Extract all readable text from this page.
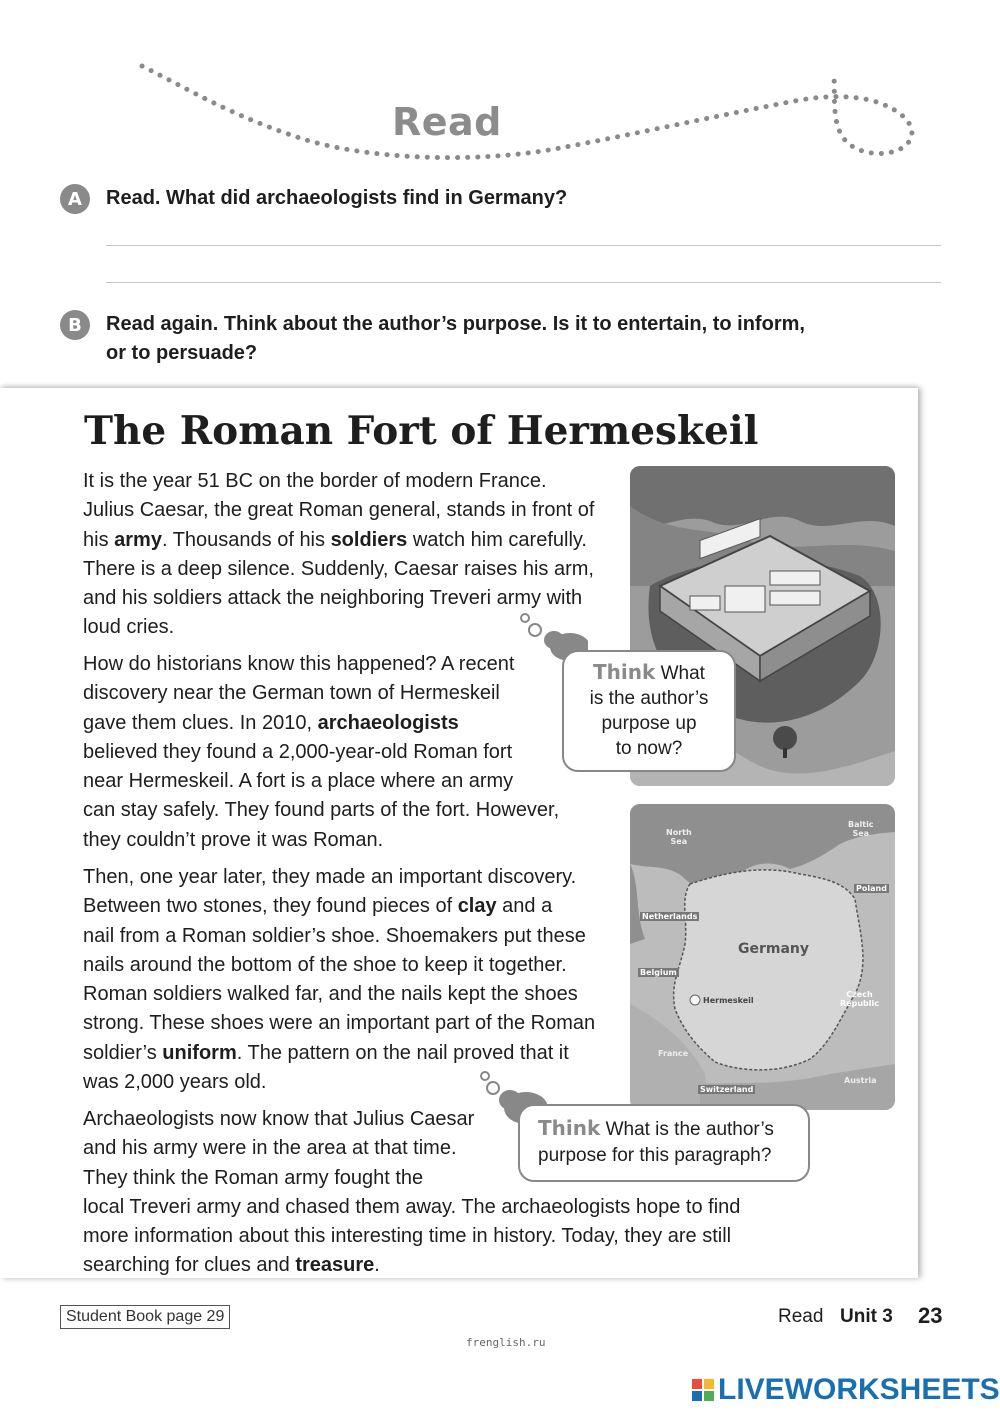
Read
A	Read. What did archaeologists find in Germany?
B	Read again. Think about the author’s purpose. Is it to entertain, to inform,
or to persuade?
The Roman Fort of Hermeskeil
It is the year 51 BC on the border of modern France.
Julius Caesar, the great Roman general, stands in front of
his army. Thousands of his soldiers watch him carefully.
There is a deep silence. Suddenly, Caesar raises his arm,
and his soldiers attack the neighboring Treveri army with
loud cries.
How do historians know this happened? A recent
discovery near the German town of Hermeskeil
gave them clues. In 2010, archaeologists
believed they found a 2,000-year-old Roman fort
near Hermeskeil. A fort is a place where an army
can stay safely. They found parts of the fort. However,
they couldn’t prove it was Roman.
Then, one year later, they made an important discovery.
Between two stones, they found pieces of clay and a
nail from a Roman soldier’s shoe. Shoemakers put these
nails around the bottom of the shoe to keep it together.
Roman soldiers walked far, and the nails kept the shoes
strong. These shoes were an important part of the Roman
soldier’s uniform. The pattern on the nail proved that it
was 2,000 years old.
Archaeologists now know that Julius Caesar
and his army were in the area at that time.
They think the Roman army fought the
local Treveri army and chased them away. The archaeologists hope to find
more information about this interesting time in history. Today, they are still
searching for clues and treasure.
Think What
is the author’s
purpose up
to now?
North
Sea
Baltic
Sea
Poland
Netherlands
Germany
Belgium
Hermeskeil
Czech
Republic
France
Austria
Switzerland
Think What is the author’s
purpose for this paragraph?
Student Book page 29	Read Unit 3 23
frenglish.ru
LIVEWORKSHEETS
